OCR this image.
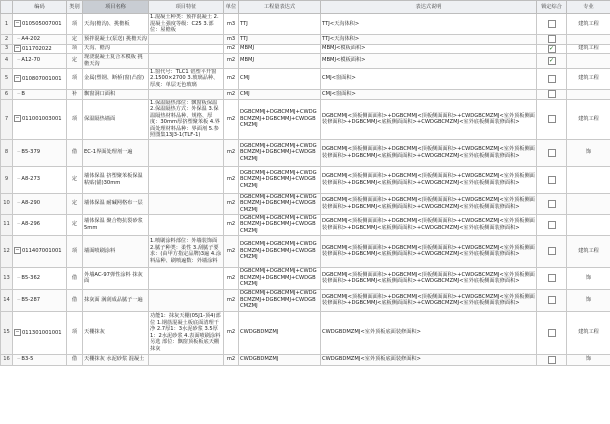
	编码	类别	项目名称	项目特征	单位	工程量表达式	表达式说明	锁定综合	专业
1	− 010505007001	项	天沟(檐沟)、挑檐板	1.混凝土种类：预拌混凝土 2.混凝土强度等级：C25 3.部位：屋檐板	m3	TTJ	TTJ<天沟体积>		建筑工程
2	┄A4-202	定	预拌混凝土(泵送) 挑檐天沟		m3	TTJ	TTJ<天沟体积>		
3	− 011702022	项	天沟、檐沟		m2	MBMJ	MBMJ<模板面积>	✓	建筑工程
4	┄A12-70	定	现浇混凝土复合木模板 挑檐天沟		m2	MBMJ	MBMJ<模板面积>	✓	
5	− 010807001001	项	金属(塑钢、断桥)窗(凸窗)	1.窗代号：TLC1 铝塑平开窗 2.1500×2700 3.玻璃品种、厚度：单层无色玻璃	m2	CMJ	CMJ<窗面积>		建筑工程
6	┄B	补	飘窗洞口面积		m2	CMJ	CMJ<窗面积>		
7	− 011001003001	项	保温隔热墙面	1.保温隔热部位：飘窗板保温 2.保温隔热方式：外保温 3.保温隔热材料品种、规格、厚度：30mm厚挤塑聚苯板 4.界面处理材料品种：界面剂 5.参照图集13J3-1(TLF-1)	m2	DGBCMMJ+DGBCMMJ+CWDGBCMZMJ+DGBCMMJ+CWDGBCMZMJ	DGBCMMJ<顶板侧面面积>+DGBCMMJ<顶板侧面面积>+CWDGBCMZMJ<室外顶板侧面装修面积>+DGBCMMJ<底板侧面面积>+CWDGBCMZMJ<室外底板侧面装修面积>		建筑工程
8	┄B5-379	借	EC-1界面处理剂一遍		m2	DGBCMMJ+DGBCMMJ+CWDGBCMZMJ+DGBCMMJ+CWDGBCMZMJ	DGBCMMJ<顶板侧面面积>+DGBCMMJ<顶板侧面面积>+CWDGBCMZMJ<室外顶板侧面装修面积>+DGBCMMJ<底板侧面面积>+CWDGBCMZMJ<室外底板侧面装修面积>		饰
9	┄A8-273	定	墙体保温 挤塑聚苯板保温 粘贴(锚)30mm		m2	DGBCMMJ+DGBCMMJ+CWDGBCMZMJ+DGBCMMJ+CWDGBCMZMJ	DGBCMMJ<顶板侧面面积>+DGBCMMJ<顶板侧面面积>+CWDGBCMZMJ<室外顶板侧面装修面积>+DGBCMMJ<底板侧面面积>+CWDGBCMZMJ<室外底板侧面装修面积>		
10	┄A8-290	定	墙体保温 耐碱网格布一层		m2	DGBCMMJ+DGBCMMJ+CWDGBCMZMJ+DGBCMMJ+CWDGBCMZMJ	DGBCMMJ<顶板侧面面积>+DGBCMMJ<顶板侧面面积>+CWDGBCMZMJ<室外顶板侧面装修面积>+DGBCMMJ<底板侧面面积>+CWDGBCMZMJ<室外底板侧面装修面积>		
11	┄A8-296	定	墙体保温 聚合物抗裂砂浆 5mm		m2	DGBCMMJ+DGBCMMJ+CWDGBCMZMJ+DGBCMMJ+CWDGBCMZMJ	DGBCMMJ<顶板侧面面积>+DGBCMMJ<顶板侧面面积>+CWDGBCMZMJ<室外顶板侧面装修面积>+DGBCMMJ<底板侧面面积>+CWDGBCMZMJ<室外底板侧面装修面积>		
12	− 011407001001	项	墙面喷刷涂料	1.喷刷涂料部位：外墙装饰面 2.腻子种类：柔性 3.刮腻子要求：(由甲方指定品牌)3遍 4.涂料品种、刷喷遍数：外墙涂料	m2	DGBCMMJ+DGBCMMJ+CWDGBCMZMJ+DGBCMMJ+CWDGBCMZMJ	DGBCMMJ<顶板侧面面积>+DGBCMMJ<顶板侧面面积>+CWDGBCMZMJ<室外顶板侧面装修面积>+DGBCMMJ<底板侧面面积>+CWDGBCMZMJ<室外底板侧面装修面积>		建筑工程
13	┄B5-362	借	外墙AC-97弹性涂料 抹灰面		m2	DGBCMMJ+DGBCMMJ+CWDGBCMZMJ+DGBCMMJ+CWDGBCMZMJ	DGBCMMJ<顶板侧面面积>+DGBCMMJ<顶板侧面面积>+CWDGBCMZMJ<室外顶板侧面装修面积>+DGBCMMJ<底板侧面面积>+CWDGBCMZMJ<室外底板侧面装修面积>		饰
14	┄B5-287	借	抹灰面 满刮成品腻子一遍		m2	DGBCMMJ+DGBCMMJ+CWDGBCMZMJ+DGBCMMJ+CWDGBCMZMJ	DGBCMMJ<顶板侧面面积>+DGBCMMJ<顶板侧面面积>+CWDGBCMZMJ<室外顶板侧面装修面积>+DGBCMMJ<底板侧面面积>+CWDGBCMZMJ<室外底板侧面装修面积>		饰
15	− 011301001001	项	天棚抹灰	功能1：抹灰天棚(05J1-顶4)部位 1.钢筋混凝土板底面清理干净 2.7厚1：3水泥砂浆 3.5厚1：2水泥砂浆 4.表面喷刷涂料另选 部位：飘窗顶板板底天棚抹灰	m2	CWDGBDMZMJ	CWDGBDMZMJ<室外顶板底面装修面积>		建筑工程
16	┄B3-5	借	天棚抹灰 水泥砂浆 混凝土		m2	CWDGBDMZMJ	CWDGBDMZMJ<室外顶板底面装修面积>		饰
